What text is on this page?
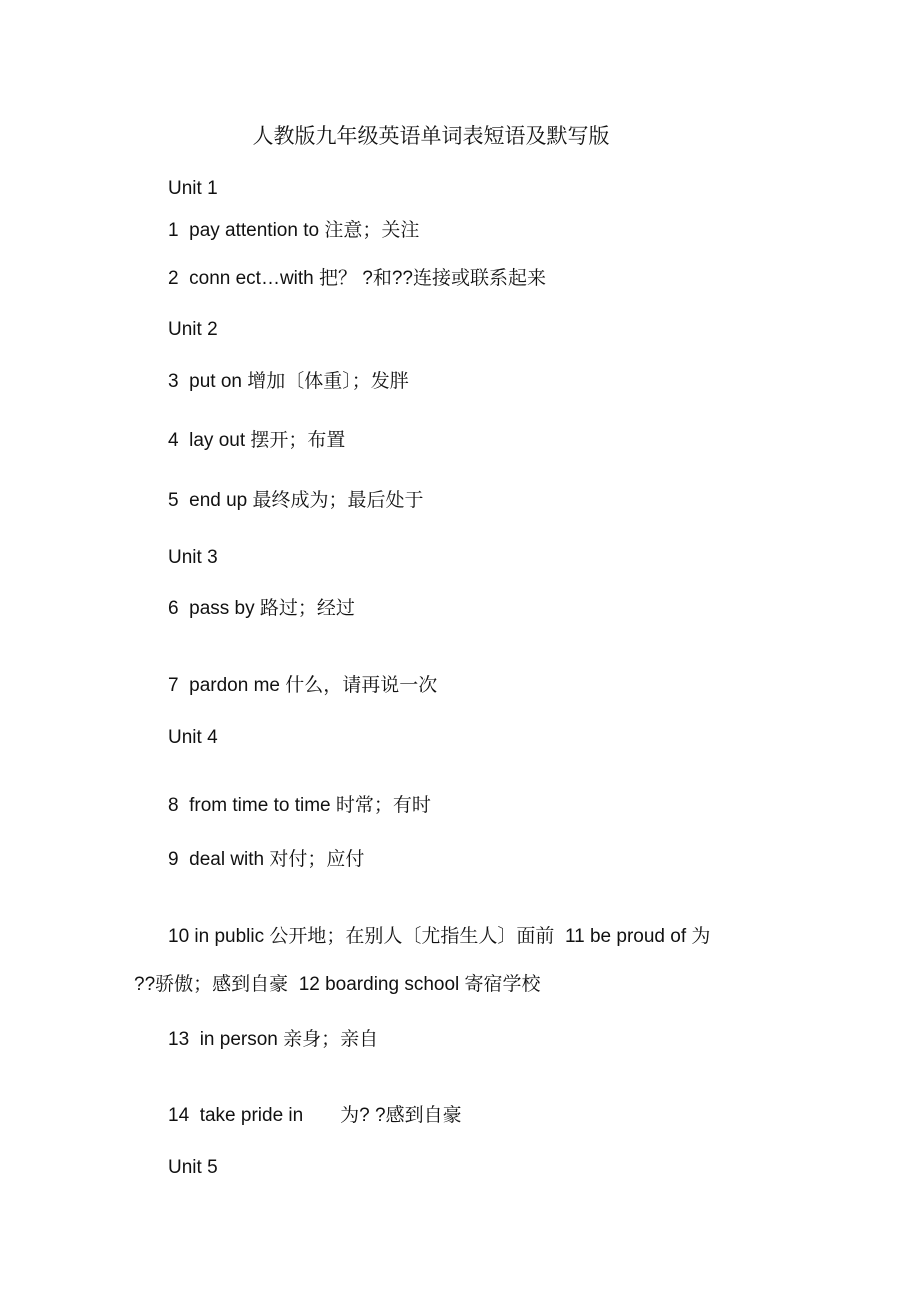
人教版九年级英语单词表短语及默写版
Unit 1
1  pay attention to 注意；关注
2  conn ect…with 把？ ?和??连接或联系起来
Unit 2
3  put on 增加〔体重〕；发胖
4  lay out 摆开；布置
5  end up 最终成为；最后处于
Unit 3
6  pass by 路过；经过
7  pardon me 什么，请再说一次
Unit 4
8  from time to time 时常；有时
9  deal with 对付；应付
10 in public 公开地；在别人〔尤指生人〕面前  11 be proud of 为
??骄傲；感到自豪  12 boarding school 寄宿学校
13  in person 亲身；亲自
14  take pride in       为? ?感到自豪
Unit 5
